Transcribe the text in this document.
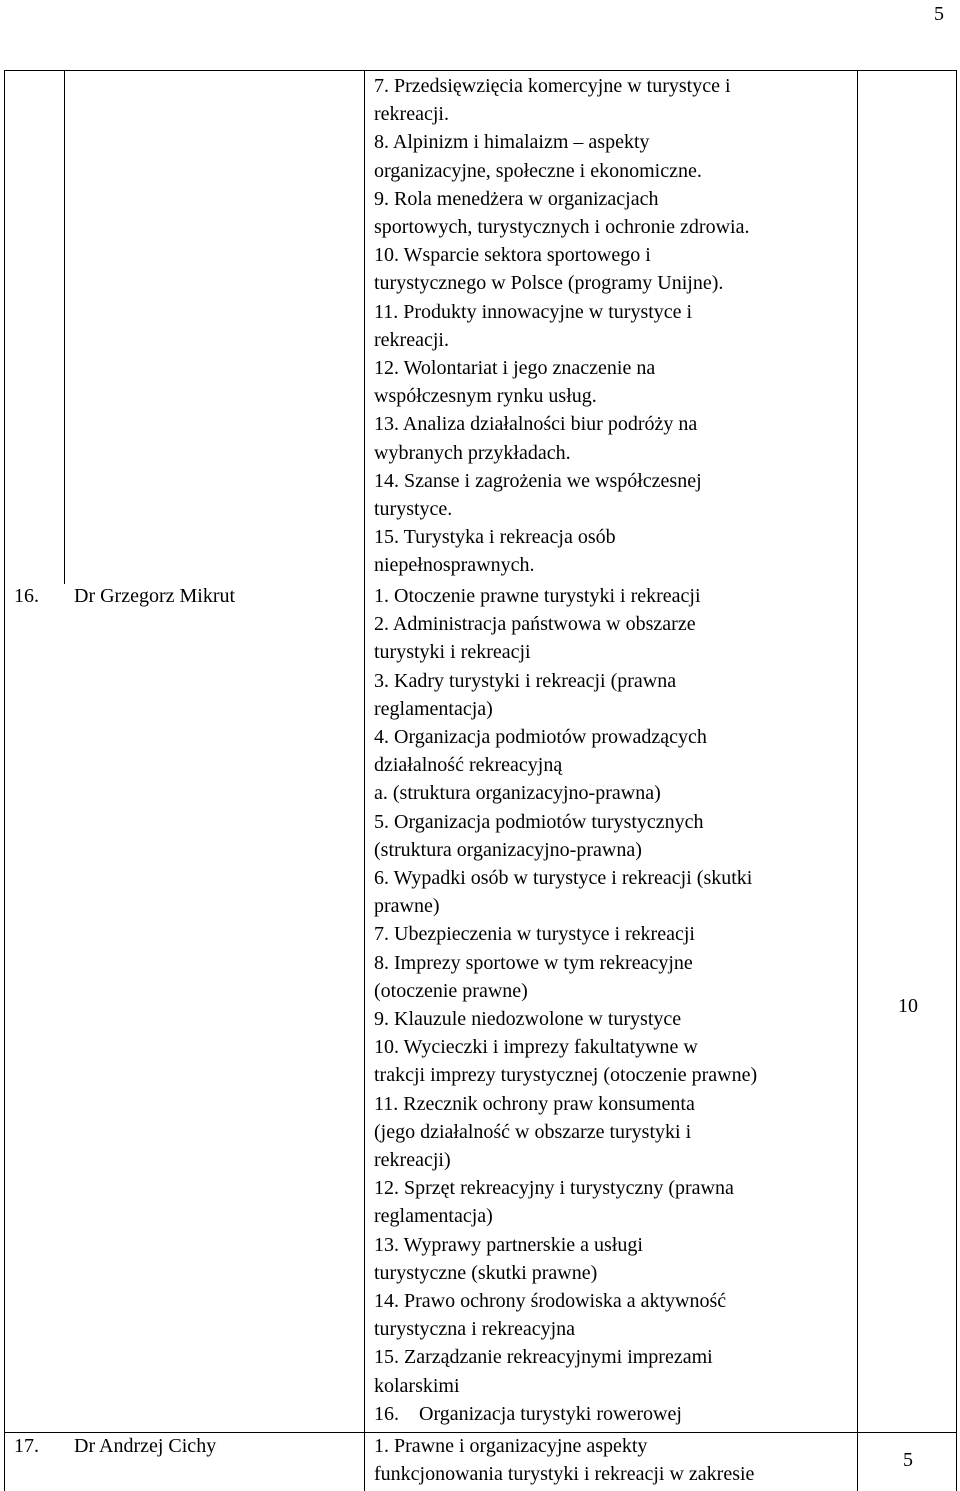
5
7. Przedsięwzięcia komercyjne w turystyce i
rekreacji.
8. Alpinizm i himalaizm – aspekty
organizacyjne, społeczne i ekonomiczne.
9. Rola menedżera w organizacjach
sportowych, turystycznych i ochronie zdrowia.
10. Wsparcie sektora sportowego i
turystycznego w Polsce (programy Unijne).
11. Produkty innowacyjne w turystyce i
rekreacji.
12. Wolontariat i jego znaczenie na
współczesnym rynku usług.
13. Analiza działalności biur podróży na
wybranych przykładach.
14. Szanse i zagrożenia we współczesnej
turystyce.
15. Turystyka i rekreacja osób
niepełnosprawnych.
16. Dr Grzegorz Mikrut	1. Otoczenie prawne turystyki i rekreacji
2. Administracja państwowa w obszarze
turystyki i rekreacji
3. Kadry turystyki i rekreacji (prawna
reglamentacja)
4. Organizacja podmiotów prowadzących
działalność rekreacyjną
a. (struktura organizacyjno-prawna)
5. Organizacja podmiotów turystycznych
(struktura organizacyjno-prawna)
6. Wypadki osób w turystyce i rekreacji (skutki
prawne)
7. Ubezpieczenia w turystyce i rekreacji
8. Imprezy sportowe w tym rekreacyjne
(otoczenie prawne)
9. Klauzule niedozwolone w turystyce
10. Wycieczki i imprezy fakultatywne w
trakcji imprezy turystycznej (otoczenie prawne)
11. Rzecznik ochrony praw konsumenta
(jego działalność w obszarze turystyki i
rekreacji)
12. Sprzęt rekreacyjny i turystyczny (prawna
reglamentacja)
13. Wyprawy partnerskie a usługi
turystyczne (skutki prawne)
14. Prawo ochrony środowiska a aktywność
turystyczna i rekreacyjna
15. Zarządzanie rekreacyjnymi imprezami
kolarskimi
16.    Organizacja turystyki rowerowej
10
17. Dr Andrzej Cichy	1. Prawne i organizacyjne aspekty
funkcjonowania turystyki i rekreacji w zakresie
5
